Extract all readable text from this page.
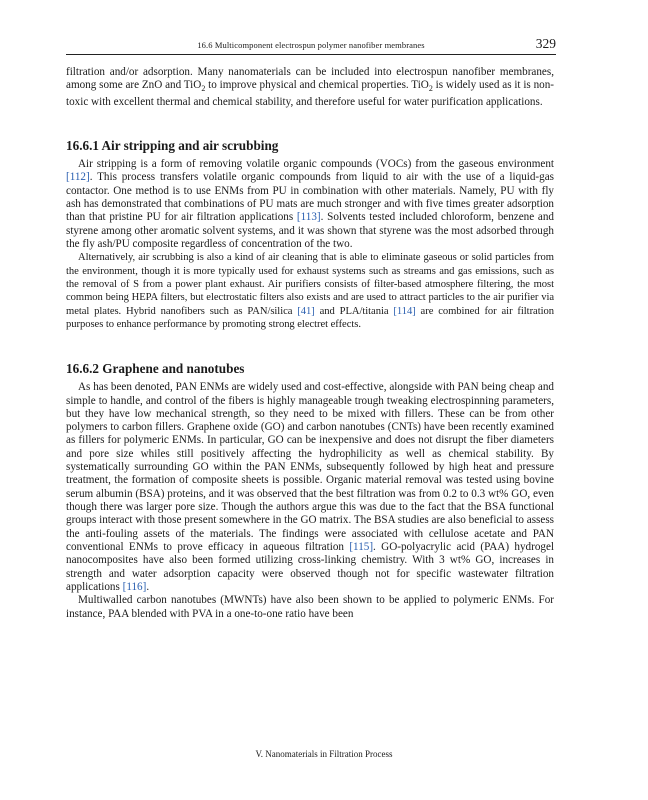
16.6 Multicomponent electrospun polymer nanofiber membranes	329

filtration and/or adsorption. Many nanomaterials can be included into electrospun nanofiber membranes, among some are ZnO and TiO$_2$ to improve physical and chemical properties. TiO$_2$ is widely used as it is non-toxic with excellent thermal and chemical stability, and therefore useful for water purification applications.

16.6.1 Air stripping and air scrubbing

Air stripping is a form of removing volatile organic compounds (VOCs) from the gaseous environment [112]. This process transfers volatile organic compounds from liquid to air with the use of a liquid-gas contactor. One method is to use ENMs from PU in combination with other materials. Namely, PU with fly ash has demonstrated that combinations of PU mats are much stronger and with five times greater adsorption than that pristine PU for air filtration applications [113]. Solvents tested included chloroform, benzene and styrene among other aromatic solvent systems, and it was shown that styrene was the most adsorbed through the fly ash/PU composite regardless of concentration of the two.

Alternatively, air scrubbing is also a kind of air cleaning that is able to eliminate gaseous or solid particles from the environment, though it is more typically used for exhaust systems such as streams and gas emissions, such as the removal of S from a power plant exhaust. Air purifiers consists of filter-based atmosphere filtering, the most common being HEPA filters, but electrostatic filters also exists and are used to attract particles to the air purifier via metal plates. Hybrid nanofibers such as PAN/silica [41] and PLA/titania [114] are combined for air filtration purposes to enhance performance by promoting strong electret effects.

16.6.2 Graphene and nanotubes

As has been denoted, PAN ENMs are widely used and cost-effective, alongside with PAN being cheap and simple to handle, and control of the fibers is highly manageable trough tweaking electrospinning parameters, but they have low mechanical strength, so they need to be mixed with fillers. These can be from other polymers to carbon fillers. Graphene oxide (GO) and carbon nanotubes (CNTs) have been recently examined as fillers for polymeric ENMs. In particular, GO can be inexpensive and does not disrupt the fiber diameters and pore size whiles still positively affecting the hydrophilicity as well as chemical stability. By systematically surrounding GO within the PAN ENMs, subsequently followed by high heat and pressure treatment, the formation of composite sheets is possible. Organic material removal was tested using bovine serum albumin (BSA) proteins, and it was observed that the best filtration was from 0.2 to 0.3 wt% GO, even though there was larger pore size. Though the authors argue this was due to the fact that the BSA functional groups interact with those present somewhere in the GO matrix. The BSA studies are also beneficial to assess the anti-fouling assets of the materials. The findings were associated with cellulose acetate and PAN conventional ENMs to prove efficacy in aqueous filtration [115]. GO-polyacrylic acid (PAA) hydrogel nanocomposites have also been formed utilizing cross-linking chemistry. With 3 wt% GO, increases in strength and water adsorption capacity were observed though not for specific wastewater filtration applications [116].

Multiwalled carbon nanotubes (MWNTs) have also been shown to be applied to polymeric ENMs. For instance, PAA blended with PVA in a one-to-one ratio have been

V. Nanomaterials in Filtration Process
